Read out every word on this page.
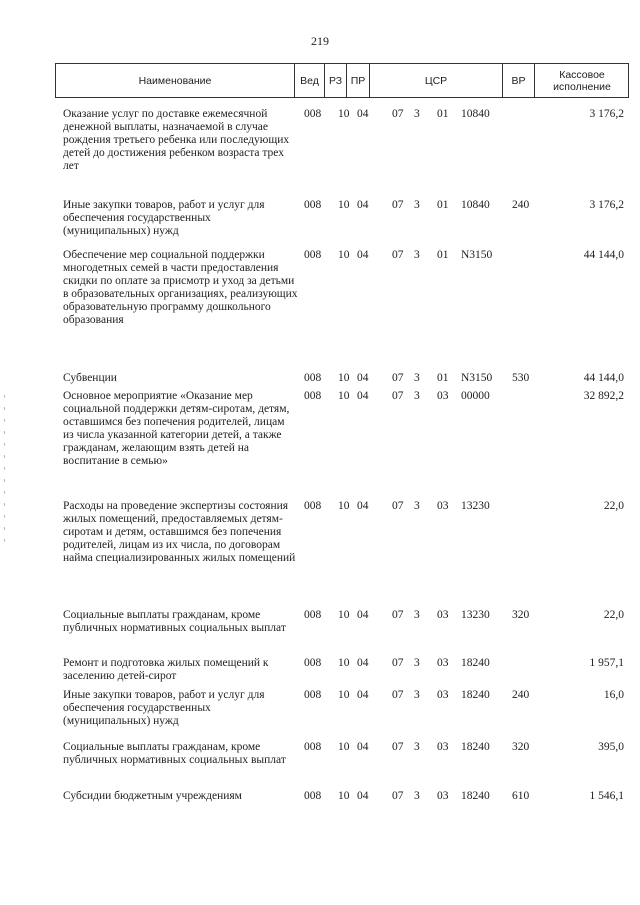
219
Наименование	Вед РЗ ПР	ЦСР	ВР	Кассовое исполнение
Оказание услуг по доставке ежемесячной денежной выплаты, назначаемой в случае рождения третьего ребенка или последующих детей до достижения ребенком возраста трех лет
008 10 04 07 3 01 10840	3 176,2
Иные закупки товаров, работ и услуг для обеспечения государственных (муниципальных) нужд
008 10 04 07 3 01 10840 240	3 176,2
Обеспечение мер социальной поддержки многодетных семей в части предоставления скидки по оплате за присмотр и уход за детьми в образовательных организациях, реализующих образовательную программу дошкольного образования
008 10 04 07 3 01 N3150	44 144,0
Субвенции	008 10 04 07 3 01 N3150 530	44 144,0
Основное мероприятие «Оказание мер социальной поддержки детям-сиротам, детям, оставшимся без попечения родителей, лицам из числа указанной категории детей, а также гражданам, желающим взять детей на воспитание в семью»
008 10 04 07 3 03 00000	32 892,2
Расходы на проведение экспертизы состояния жилых помещений, предоставляемых детям-сиротам и детям, оставшимся без попечения родителей, лицам из их числа, по договорам найма специализированных жилых помещений
008 10 04 07 3 03 13230	22,0
Социальные выплаты гражданам, кроме публичных нормативных социальных выплат
008 10 04 07 3 03 13230 320	22,0
Ремонт и подготовка жилых помещений к заселению детей-сирот
008 10 04 07 3 03 18240	1 957,1
Иные закупки товаров, работ и услуг для обеспечения государственных (муниципальных) нужд
008 10 04 07 3 03 18240 240	16,0
Социальные выплаты гражданам, кроме публичных нормативных социальных выплат
008 10 04 07 3 03 18240 320	395,0
Субсидии бюджетным учреждениям	008 10 04 07 3 03 18240 610	1 546,1
